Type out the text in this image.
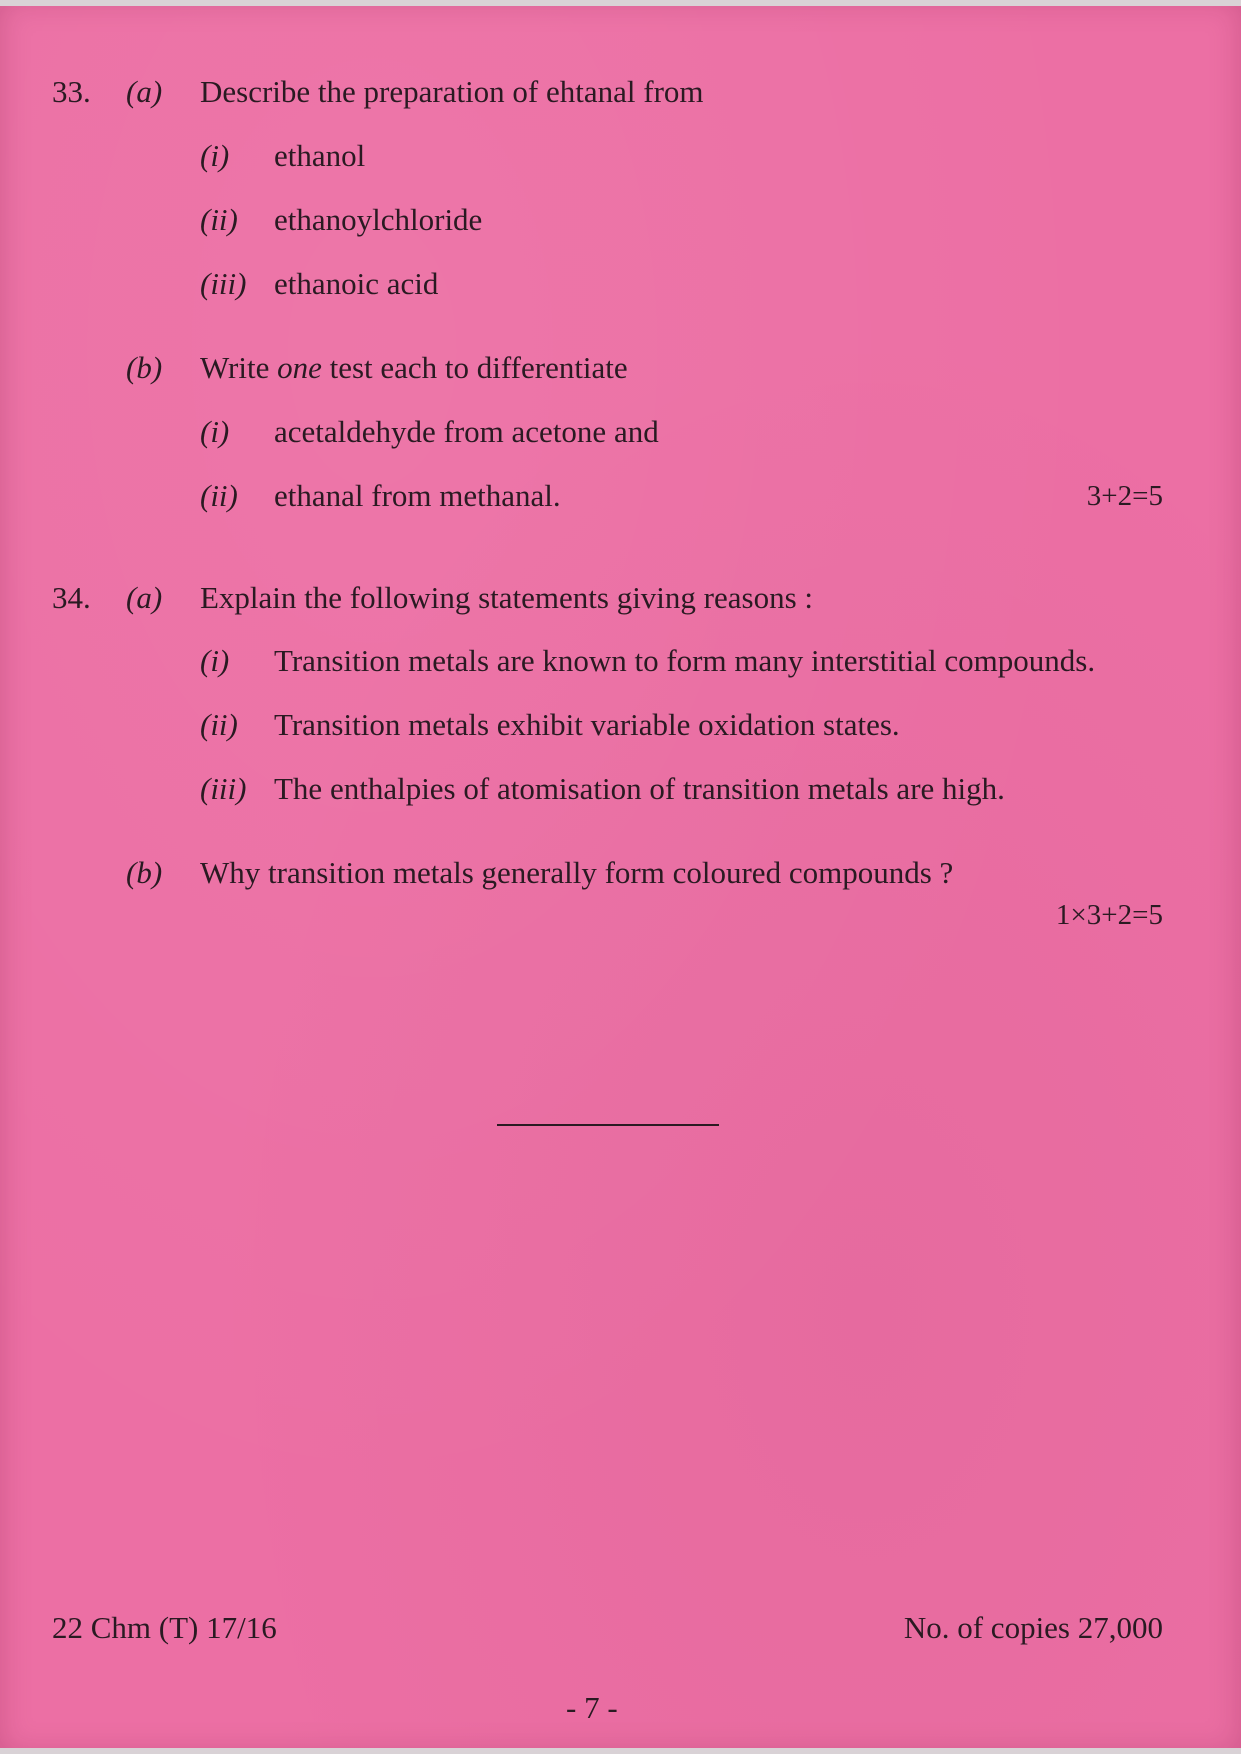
33. (a) Describe the preparation of ehtanal from
(i) ethanol
(ii) ethanoylchloride
(iii) ethanoic acid
(b) Write one test each to differentiate
(i) acetaldehyde from acetone and
(ii) ethanal from methanal.	3+2=5
34. (a) Explain the following statements giving reasons :
(i) Transition metals are known to form many interstitial compounds.
(ii) Transition metals exhibit variable oxidation states.
(iii) The enthalpies of atomisation of transition metals are high.
(b) Why transition metals generally form coloured compounds ?
1×3+2=5
22 Chm (T) 17/16	No. of copies 27,000
- 7 -
